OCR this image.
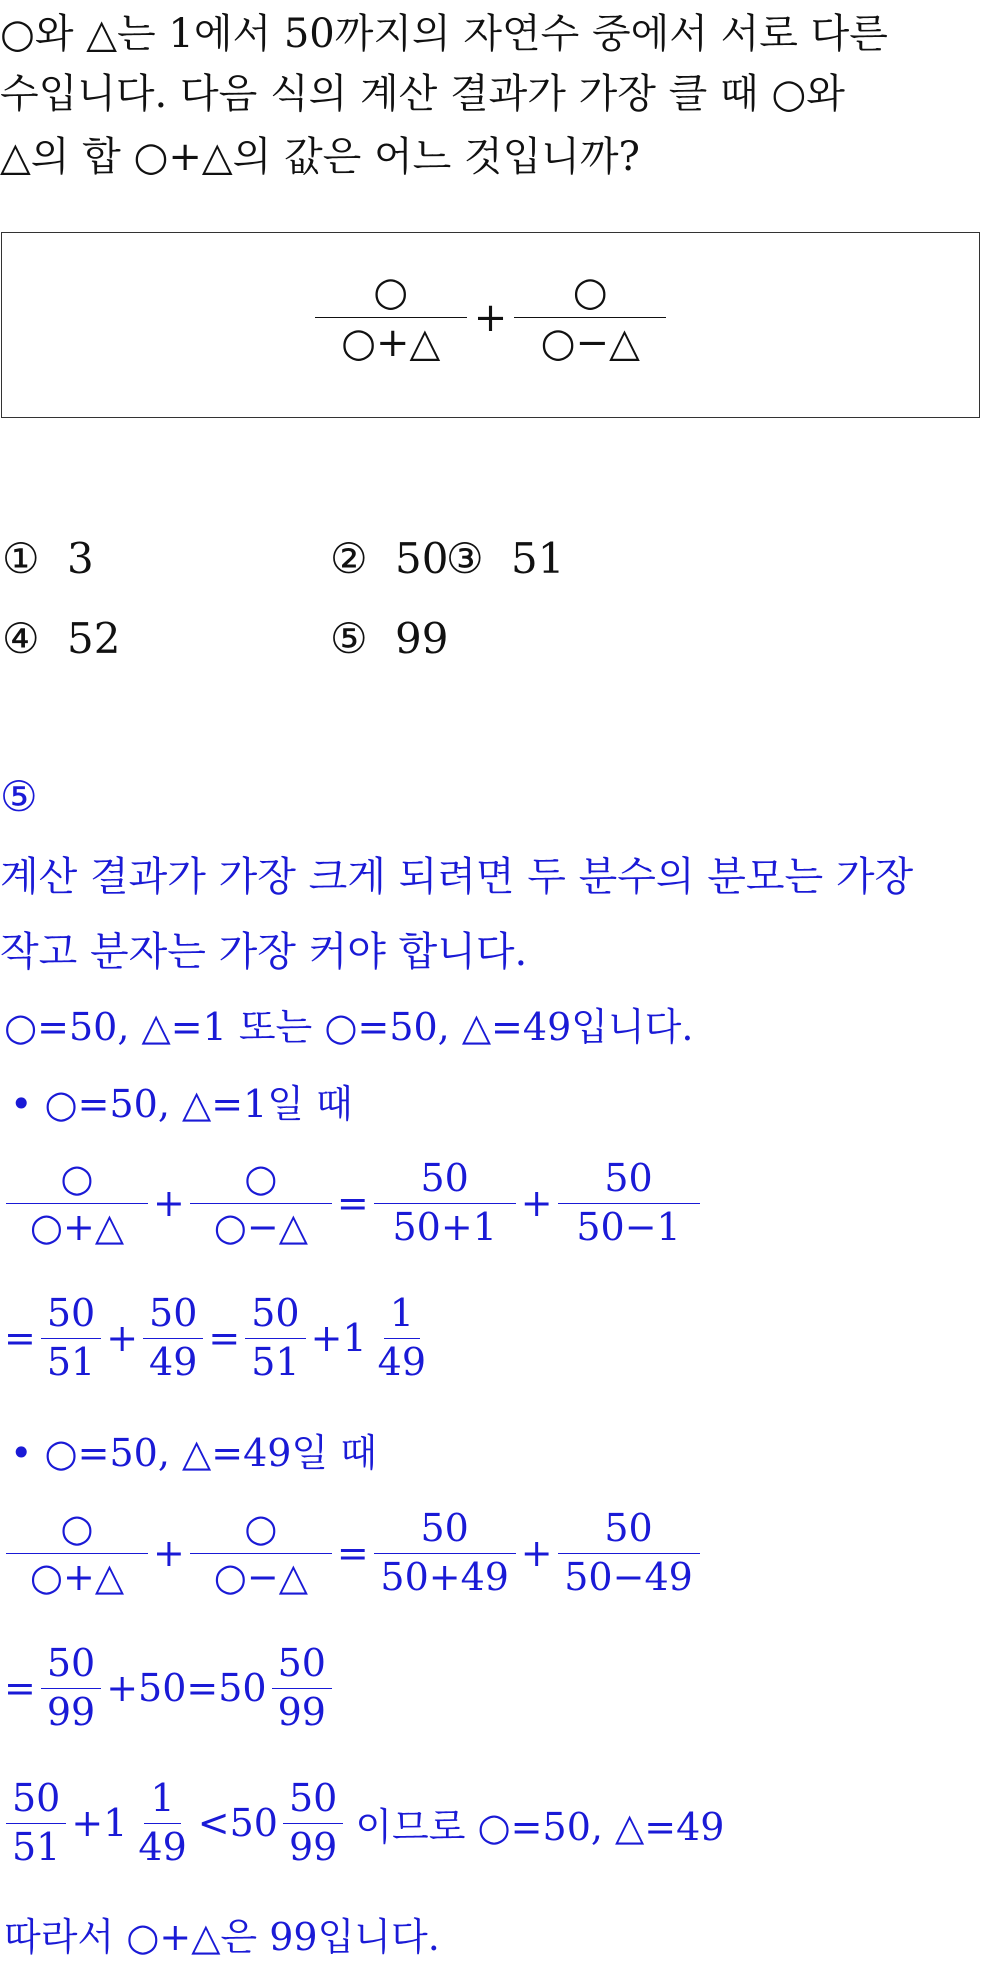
○와 △는 1에서 50까지의 자연수 중에서 서로 다른
수입니다. 다음 식의 계산 결과가 가장 클 때 ○와
△의 합 ○+△의 값은 어느 것입니까?
○
○+△
+
○
○−△
① 3	② 50
③ 51
④ 52	⑤ 99
⑤
계산 결과가 가장 크게 되려면 두 분수의 분모는 가장
작고 분자는 가장 커야 합니다.
○=50, △=1 또는 ○=50, △=49입니다.
• ○=50, △=1일 때
○
○+△
+
○
○−△
= $\frac{50}{50+1} + \frac{50}{50-1}$
= $\frac{50}{51} + \frac{50}{49} = \frac{50}{51} +1 \frac{1}{49}$
• ○=50, △=49일 때
○
○+△
+
○
○−△
= $\frac{50}{50+49} + \frac{50}{50-49}$
= $\frac{50}{99} +50=50 \frac{50}{99}$
$\frac{50}{51} +1 \frac{1}{49} <50 \frac{50}{99}$ 이므로 ○=50, △=49
따라서 ○+△은 99입니다.
